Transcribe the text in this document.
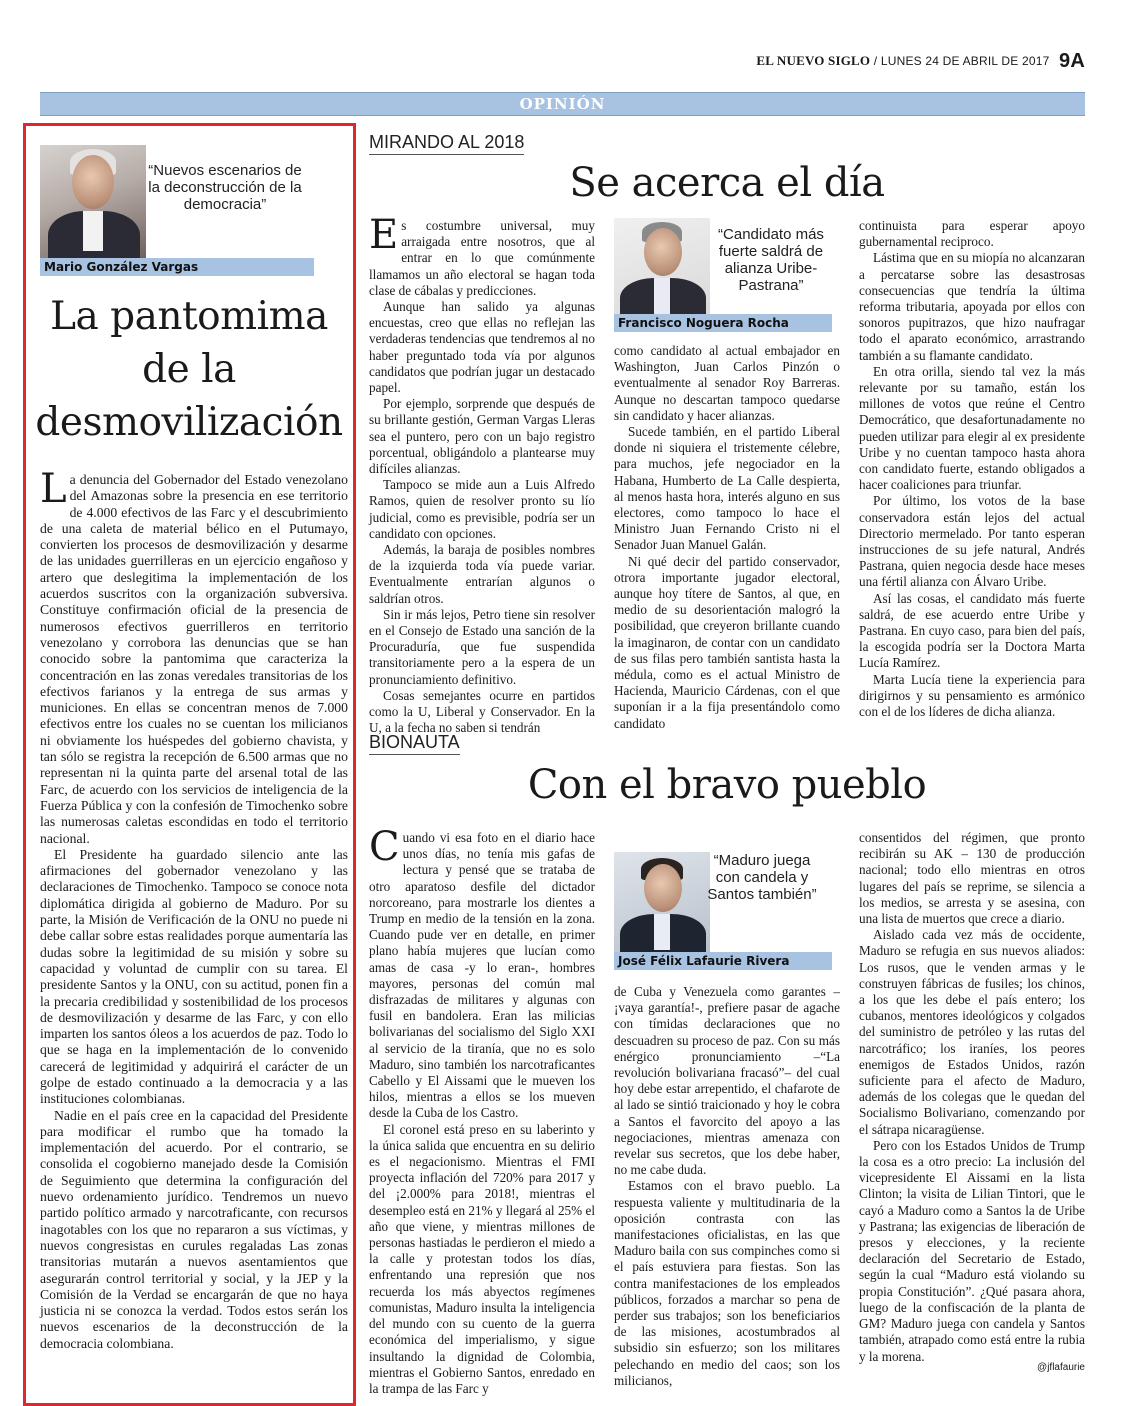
EL NUEVO SIGLO / LUNES 24 DE ABRIL DE 2017 9A
OPINIÓN
“Nuevos escenarios de la deconstrucción de la democracia”
Mario González Vargas
La pantomima
de la
desmovilización

La denuncia del Gobernador del Estado venezolano del Amazonas sobre la presencia en ese territorio de 4.000 efectivos de las Farc y el descubrimiento de una caleta de material bélico en el Putumayo, convierten los procesos de desmovilización y desarme de las unidades guerrilleras en un ejercicio engañoso y artero que deslegitima la implementación de los acuerdos suscritos con la organización subversiva. Constituye confirmación oficial de la presencia de numerosos efectivos guerrilleros en territorio venezolano y corrobora las denuncias que se han conocido sobre la pantomima que caracteriza la concentración en las zonas veredales transitorias de los efectivos farianos y la entrega de sus armas y municiones. En ellas se concentran menos de 7.000 efectivos entre los cuales no se cuentan los milicianos ni obviamente los huéspedes del gobierno chavista, y tan sólo se registra la recepción de 6.500 armas que no representan ni la quinta parte del arsenal total de las Farc, de acuerdo con los servicios de inteligencia de la Fuerza Pública y con la confesión de Timochenko sobre las numerosas caletas escondidas en todo el territorio nacional.

El Presidente ha guardado silencio ante las afirmaciones del gobernador venezolano y las declaraciones de Timochenko. Tampoco se conoce nota diplomática dirigida al gobierno de Maduro. Por su parte, la Misión de Verificación de la ONU no puede ni debe callar sobre estas realidades porque aumentaría las dudas sobre la legitimidad de su misión y sobre su capacidad y voluntad de cumplir con su tarea. El presidente Santos y la ONU, con su actitud, ponen fin a la precaria credibilidad y sostenibilidad de los procesos de desmovilización y desarme de las Farc, y con ello imparten los santos óleos a los acuerdos de paz. Todo lo que se haga en la implementación de lo convenido carecerá de legitimidad y adquirirá el carácter de un golpe de estado continuado a la democracia y a las instituciones colombianas.

Nadie en el país cree en la capacidad del Presidente para modificar el rumbo que ha tomado la implementación del acuerdo. Por el contrario, se consolida el cogobierno manejado desde la Comisión de Seguimiento que determina la configuración del nuevo ordenamiento jurídico. Tendremos un nuevo partido político armado y narcotraficante, con recursos inagotables con los que no repararon a sus víctimas, y nuevos congresistas en curules regaladas Las zonas transitorias mutarán a nuevos asentamientos que asegurarán control territorial y social, y la JEP y la Comisión de la Verdad se encargarán de que no haya justicia ni se conozca la verdad. Todos estos serán los nuevos escenarios de la deconstrucción de la democracia colombiana.

MIRANDO AL 2018
Se acerca el día

Es costumbre universal, muy arraigada entre nosotros, que al entrar en lo que comúnmente llamamos un año electoral se hagan toda clase de cábalas y predicciones.

Aunque han salido ya algunas encuestas, creo que ellas no reflejan las verdaderas tendencias que tendremos al no haber preguntado toda vía por algunos candidatos que podrían jugar un destacado papel.

Por ejemplo, sorprende que después de su brillante gestión, German Vargas Lleras sea el puntero, pero con un bajo registro porcentual, obligándolo a plantearse muy difíciles alianzas.

Tampoco se mide aun a Luis Alfredo Ramos, quien de resolver pronto su lío judicial, como es previsible, podría ser un candidato con opciones.

Además, la baraja de posibles nombres de la izquierda toda vía puede variar. Eventualmente entrarían algunos o saldrían otros.

Sin ir más lejos, Petro tiene sin resolver en el Consejo de Estado una sanción de la Procuraduría, que fue suspendida transitoriamente pero a la espera de un pronunciamiento definitivo.

Cosas semejantes ocurre en partidos como la U, Liberal y Conservador. En la U, a la fecha no saben si tendrán

“Candidato más fuerte saldrá de alianza Uribe-Pastrana”
Francisco Noguera Rocha

como candidato al actual embajador en Washington, Juan Carlos Pinzón o eventualmente al senador Roy Barreras. Aunque no descartan tampoco quedarse sin candidato y hacer alianzas.

Sucede también, en el partido Liberal donde ni siquiera el tristemente célebre, para muchos, jefe negociador en la Habana, Humberto de La Calle despierta, al menos hasta hora, interés alguno en sus electores, como tampoco lo hace el Ministro Juan Fernando Cristo ni el Senador Juan Manuel Galán.

Ni qué decir del partido conservador, otrora importante jugador electoral, aunque hoy títere de Santos, al que, en medio de su desorientación malogró la posibilidad, que creyeron brillante cuando la imaginaron, de contar con un candidato de sus filas pero también santista hasta la médula, como es el actual Ministro de Hacienda, Mauricio Cárdenas, con el que suponían ir a la fija presentándolo como candidato

continuista para esperar apoyo gubernamental reciproco.

Lástima que en su miopía no alcanzaran a percatarse sobre las desastrosas consecuencias que tendría la última reforma tributaria, apoyada por ellos con sonoros pupitrazos, que hizo naufragar todo el aparato económico, arrastrando también a su flamante candidato.

En otra orilla, siendo tal vez la más relevante por su tamaño, están los millones de votos que reúne el Centro Democrático, que desafortunadamente no pueden utilizar para elegir al ex presidente Uribe y no cuentan tampoco hasta ahora con candidato fuerte, estando obligados a hacer coaliciones para triunfar.

Por último, los votos de la base conservadora están lejos del actual Directorio mermelado. Por tanto esperan instrucciones de su jefe natural, Andrés Pastrana, quien negocia desde hace meses una fértil alianza con Álvaro Uribe.

Así las cosas, el candidato más fuerte saldrá, de ese acuerdo entre Uribe y Pastrana. En cuyo caso, para bien del país, la escogida podría ser la Doctora Marta Lucía Ramírez.

Marta Lucía tiene la experiencia para dirigirnos y su pensamiento es armónico con el de los líderes de dicha alianza.

BIONAUTA
Con el bravo pueblo

Cuando vi esa foto en el diario hace unos días, no tenía mis gafas de lectura y pensé que se trataba de otro aparatoso desfile del dictador norcoreano, para mostrarle los dientes a Trump en medio de la tensión en la zona. Cuando pude ver en detalle, en primer plano había mujeres que lucían como amas de casa -y lo eran-, hombres mayores, personas del común mal disfrazadas de militares y algunas con fusil en bandolera. Eran las milicias bolivarianas del socialismo del Siglo XXI al servicio de la tiranía, que no es solo Maduro, sino también los narcotraficantes Cabello y El Aissami que le mueven los hilos, mientras a ellos se los mueven desde la Cuba de los Castro.

El coronel está preso en su laberinto y la única salida que encuentra en su delirio es el negacionismo. Mientras el FMI proyecta inflación del 720% para 2017 y del ¡2.000% para 2018!, mientras el desempleo está en 21% y llegará al 25% el año que viene, y mientras millones de personas hastiadas le perdieron el miedo a la calle y protestan todos los días, enfrentando una represión que nos recuerda los más abyectos regímenes comunistas, Maduro insulta la inteligencia del mundo con su cuento de la guerra económica del imperialismo, y sigue insultando la dignidad de Colombia, mientras el Gobierno Santos, enredado en la trampa de las Farc y

“Maduro juega con candela y Santos también”
José Félix Lafaurie Rivera

de Cuba y Venezuela como garantes –¡vaya garantía!-, prefiere pasar de agache con tímidas declaraciones que no descuadren su proceso de paz. Con su más enérgico pronunciamiento –“La revolución bolivariana fracasó”– del cual hoy debe estar arrepentido, el chafarote de al lado se sintió traicionado y hoy le cobra a Santos el favorcito del apoyo a las negociaciones, mientras amenaza con revelar sus secretos, que los debe haber, no me cabe duda.

Estamos con el bravo pueblo. La respuesta valiente y multitudinaria de la oposición contrasta con las manifestaciones oficialistas, en las que Maduro baila con sus compinches como si el país estuviera para fiestas. Son las contra manifestaciones de los empleados públicos, forzados a marchar so pena de perder sus trabajos; son los beneficiarios de las misiones, acostumbrados al subsidio sin esfuerzo; son los militares pelechando en medio del caos; son los milicianos,

consentidos del régimen, que pronto recibirán su AK – 130 de producción nacional; todo ello mientras en otros lugares del país se reprime, se silencia a los medios, se arresta y se asesina, con una lista de muertos que crece a diario.

Aislado cada vez más de occidente, Maduro se refugia en sus nuevos aliados: Los rusos, que le venden armas y le construyen fábricas de fusiles; los chinos, a los que les debe el país entero; los cubanos, mentores ideológicos y colgados del suministro de petróleo y las rutas del narcotráfico; los iraníes, los peores enemigos de Estados Unidos, razón suficiente para el afecto de Maduro, además de los colegas que le quedan del Socialismo Bolivariano, comenzando por el sátrapa nicaragüense.

Pero con los Estados Unidos de Trump la cosa es a otro precio: La inclusión del vicepresidente El Aissami en la lista Clinton; la visita de Lilian Tintori, que le cayó a Maduro como a Santos la de Uribe y Pastrana; las exigencias de liberación de presos y elecciones, y la reciente declaración del Secretario de Estado, según la cual “Maduro está violando su propia Constitución”. ¿Qué pasara ahora, luego de la confiscación de la planta de GM? Maduro juega con candela y Santos también, atrapado como está entre la rubia y la morena.

@jflafaurie
